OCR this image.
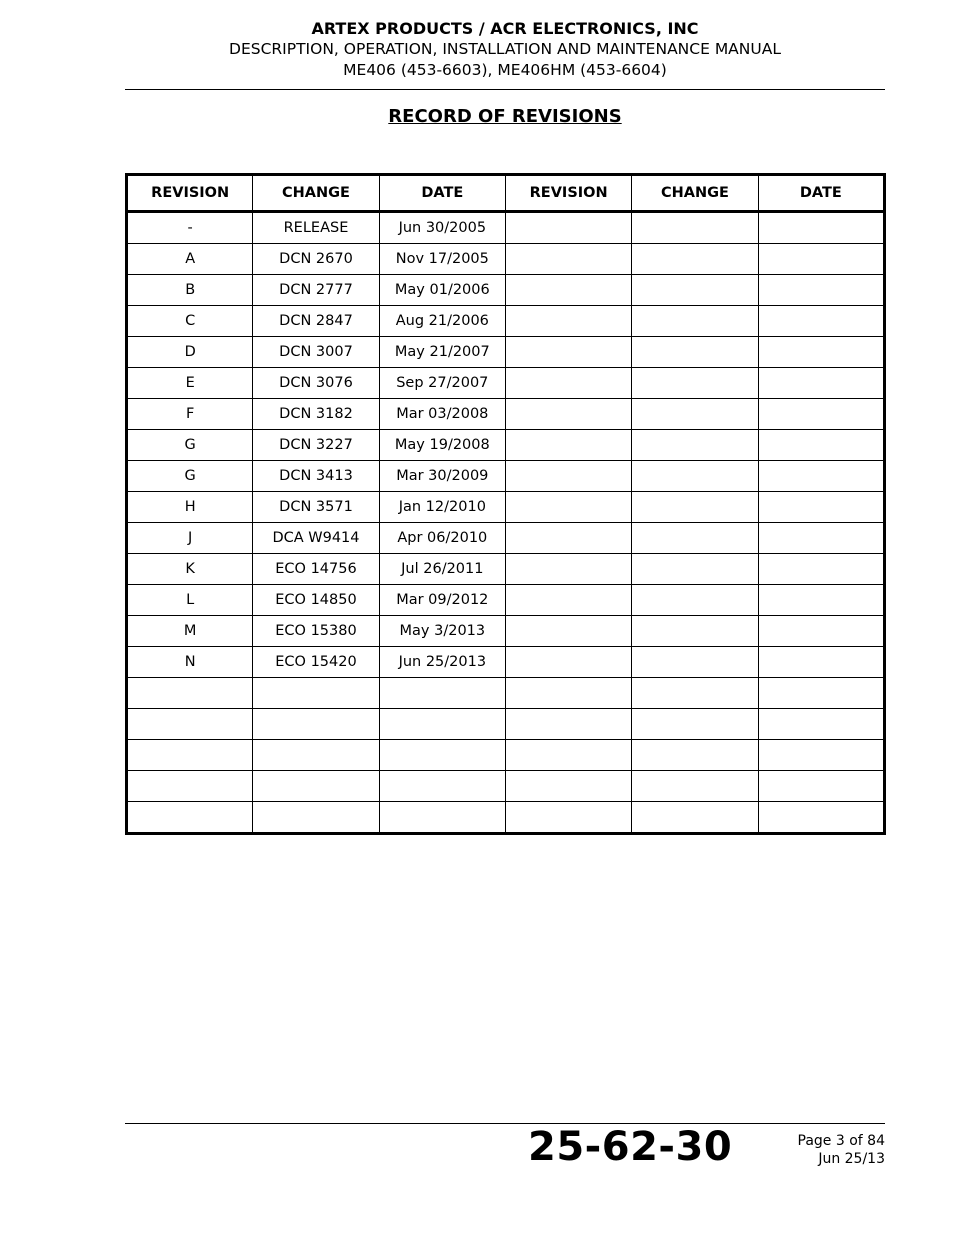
ARTEX PRODUCTS / ACR ELECTRONICS, INC
DESCRIPTION, OPERATION, INSTALLATION AND MAINTENANCE MANUAL
ME406 (453-6603), ME406HM (453-6604)
RECORD OF REVISIONS
REVISION	CHANGE	DATE	REVISION	CHANGE	DATE
-	RELEASE	Jun 30/2005			
A	DCN 2670	Nov 17/2005			
B	DCN 2777	May 01/2006			
C	DCN 2847	Aug 21/2006			
D	DCN 3007	May 21/2007			
E	DCN 3076	Sep 27/2007			
F	DCN 3182	Mar 03/2008			
G	DCN 3227	May 19/2008			
G	DCN 3413	Mar 30/2009			
H	DCN 3571	Jan 12/2010			
J	DCA W9414	Apr 06/2010			
K	ECO 14756	Jul 26/2011			
L	ECO 14850	Mar 09/2012			
M	ECO 15380	May 3/2013			
N	ECO 15420	Jun 25/2013			

25-62-30	Page 3 of 84
Jun 25/13
